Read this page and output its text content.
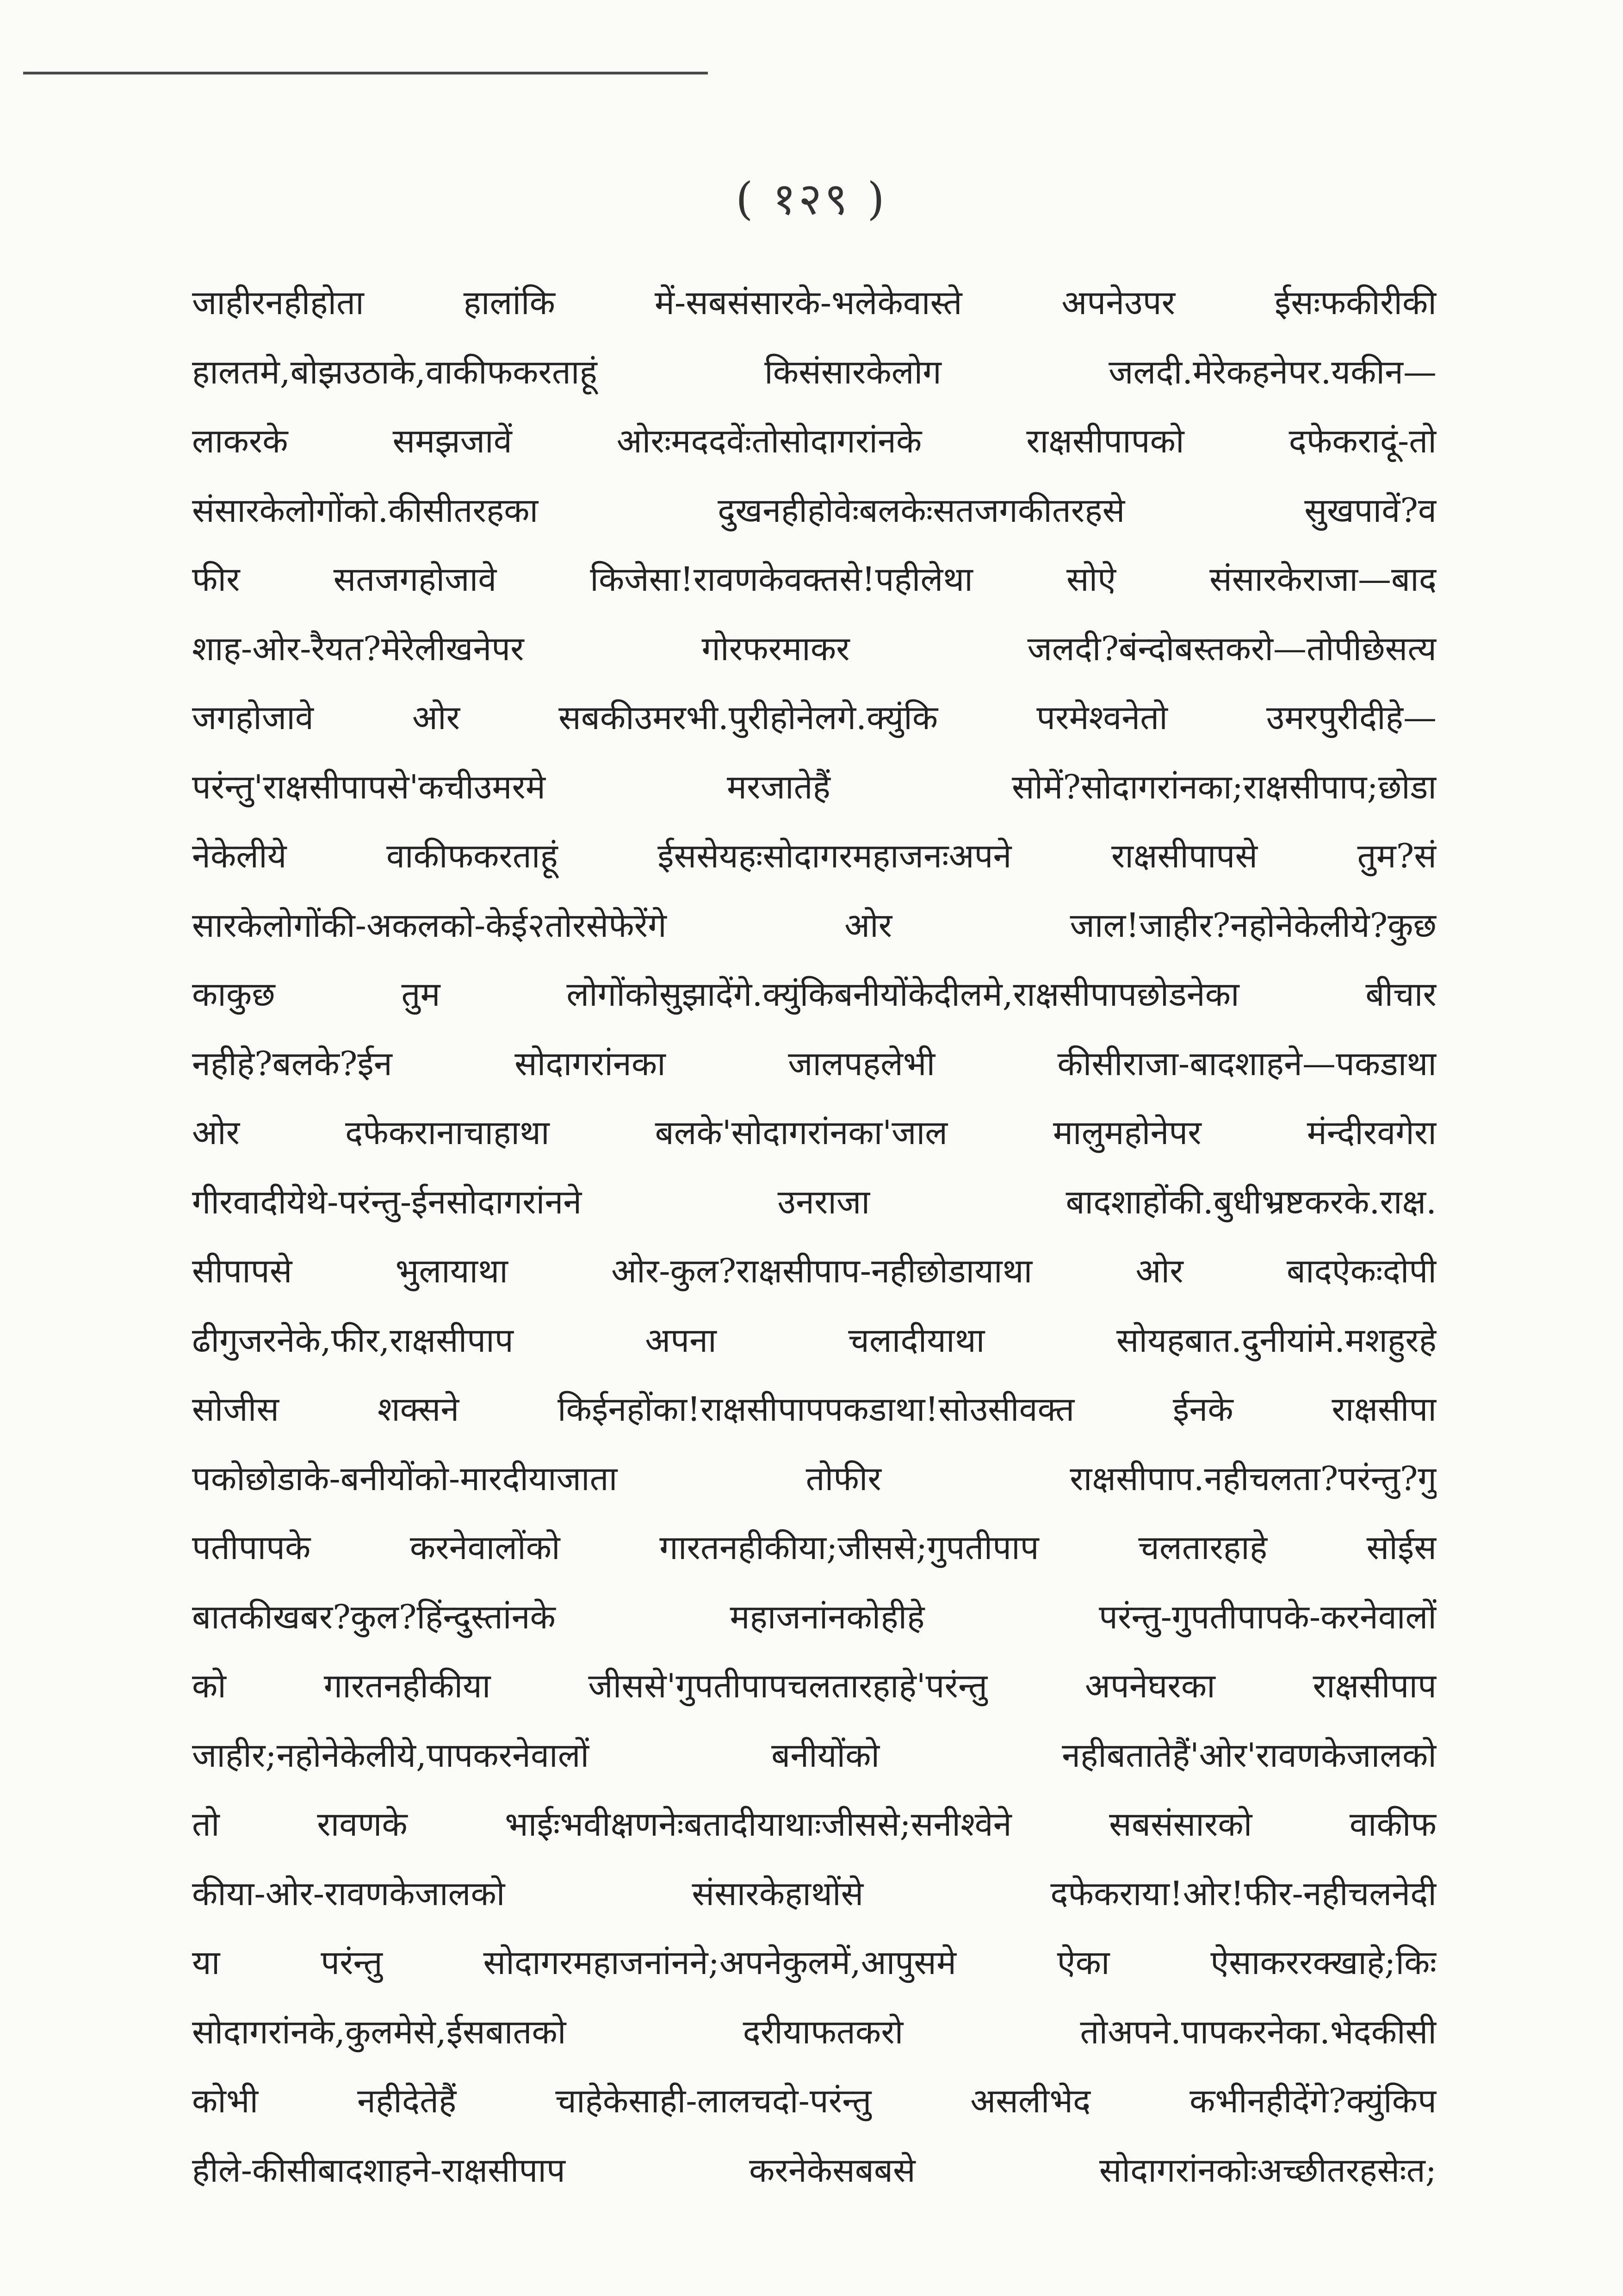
( १२९ )
जाहीरनहीहोता हालांकि में-सबसंसारके-भलेकेवास्ते अपनेउपर ईसःफकीरीकी
हालतमे,बोझउठाके,वाकीफकरताहूं किसंसारकेलोग जलदी.मेरेकहनेपर.यकीन—
लाकरके समझजावें ओरःमददवेंःतोसोदागरांनके राक्षसीपापको दफेकरादूं-तो
संसारकेलोगोंको.कीसीतरहका दुखनहीहोवेःबलकेःसतजगकीतरहसे सुखपावें?व
फीर सतजगहोजावे किजेसा!रावणकेवक्तसे!पहीलेथा सोऐ संसारकेराजा—बाद
शाह-ओर-रैयत?मेरेलीखनेपर गोरफरमाकर जलदी?बंन्दोबस्तकरो—तोपीछेसत्य
जगहोजावे ओर सबकीउमरभी.पुरीहोनेलगे.क्युंकि परमेश्वनेतो उमरपुरीदीहे—
परंन्तु'राक्षसीपापसे'कचीउमरमे मरजातेहैं सोमें?सोदागरांनका;राक्षसीपाप;छोडा
नेकेलीये वाकीफकरताहूं ईससेयहःसोदागरमहाजनःअपने राक्षसीपापसे तुम?सं
सारकेलोगोंकी-अकलको-केई२तोरसेफेरेंगे ओर जाल!जाहीर?नहोनेकेलीये?कुछ
काकुछ तुम लोगोंकोसुझादेंगे.क्युंकिबनीयोंकेदीलमे,राक्षसीपापछोडनेका बीचार
नहीहे?बलके?ईन सोदागरांनका जालपहलेभी कीसीराजा-बादशाहने—पकडाथा
ओर दफेकरानाचाहाथा बलके'सोदागरांनका'जाल मालुमहोनेपर मंन्दीरवगेरा
गीरवादीयेथे-परंन्तु-ईनसोदागरांनने उनराजा बादशाहोंकी.बुधीभ्रष्टकरके.राक्ष.
सीपापसे भुलायाथा ओर-कुल?राक्षसीपाप-नहीछोडायाथा ओर बादऐकःदोपी
ढीगुजरनेके,फीर,राक्षसीपाप अपना चलादीयाथा सोयहबात.दुनीयांमे.मशहुरहे
सोजीस शक्सने किईनहोंका!राक्षसीपापपकडाथा!सोउसीवक्त ईनके राक्षसीपा
पकोछोडाके-बनीयोंको-मारदीयाजाता तोफीर राक्षसीपाप.नहीचलता?परंन्तु?गु
पतीपापके करनेवालोंको गारतनहीकीया;जीससे;गुपतीपाप चलतारहाहे सोईस
बातकीखबर?कुल?हिंन्दुस्तांनके महाजनांनकोहीहे परंन्तु-गुपतीपापके-करनेवालों
को गारतनहीकीया जीससे'गुपतीपापचलतारहाहे'परंन्तु अपनेघरका राक्षसीपाप
जाहीर;नहोनेकेलीये,पापकरनेवालों बनीयोंको नहीबतातेहैं'ओर'रावणकेजालको
तो रावणके भाईःभवीक्षणनेःबतादीयाथाःजीससे;सनीश्वेने सबसंसारको वाकीफ
कीया-ओर-रावणकेजालको संसारकेहाथोंसे दफेकराया!ओर!फीर-नहीचलनेदी
या परंन्तु सोदागरमहाजनांनने;अपनेकुलमें,आपुसमे ऐका ऐसाकररक्खाहे;किः
सोदागरांनके,कुलमेसे,ईसबातको दरीयाफतकरो तोअपने.पापकरनेका.भेदकीसी
कोभी नहीदेतेहैं चाहेकेसाही-लालचदो-परंन्तु असलीभेद कभीनहीदेंगे?क्युंकिप
हीले-कीसीबादशाहने-राक्षसीपाप करनेकेसबबसे सोदागरांनकोःअच्छीतरहसेःत;
